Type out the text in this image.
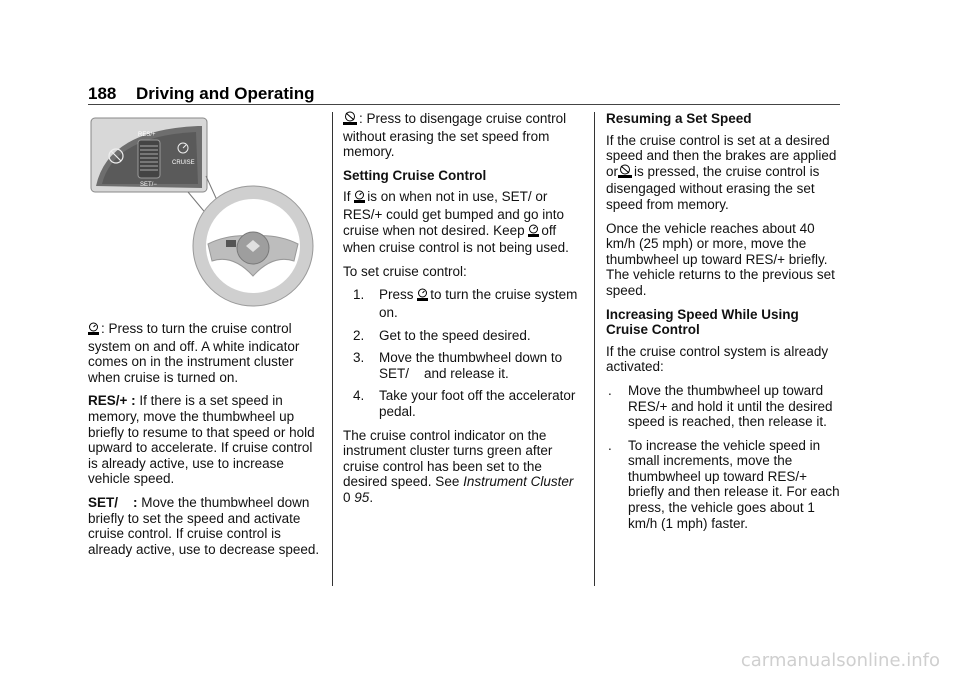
188 Driving and Operating
RES/+
SET/−
CRUISE

: Press to turn the cruise control system on and off. A white indicator comes on in the instrument cluster when cruise is turned on.

RES/+ : If there is a set speed in memory, move the thumbwheel up briefly to resume to that speed or hold upward to accelerate. If cruise control is already active, use to increase vehicle speed.

SET/    : Move the thumbwheel down briefly to set the speed and activate cruise control. If cruise control is already active, use to decrease speed.

: Press to disengage cruise control without erasing the set speed from memory.

Setting Cruise Control

If is on when not in use, SET/ or RES/+ could get bumped and go into cruise when not desired. Keep off when cruise control is not being used.

To set cruise control:

1. Press to turn the cruise system on.
2. Get to the speed desired.
3. Move the thumbwheel down to SET/    and release it.
4. Take your foot off the accelerator pedal.

The cruise control indicator on the instrument cluster turns green after cruise control has been set to the desired speed. See Instrument Cluster 0 95.

Resuming a Set Speed

If the cruise control is set at a desired speed and then the brakes are applied or is pressed, the cruise control is disengaged without erasing the set speed from memory.

Once the vehicle reaches about 40 km/h (25 mph) or more, move the thumbwheel up toward RES/+ briefly. The vehicle returns to the previous set speed.

Increasing Speed While Using Cruise Control

If the cruise control system is already activated:

. Move the thumbwheel up toward RES/+ and hold it until the desired speed is reached, then release it.
. To increase the vehicle speed in small increments, move the thumbwheel up toward RES/+ briefly and then release it. For each press, the vehicle goes about 1 km/h (1 mph) faster.
carmanualsonline.info
